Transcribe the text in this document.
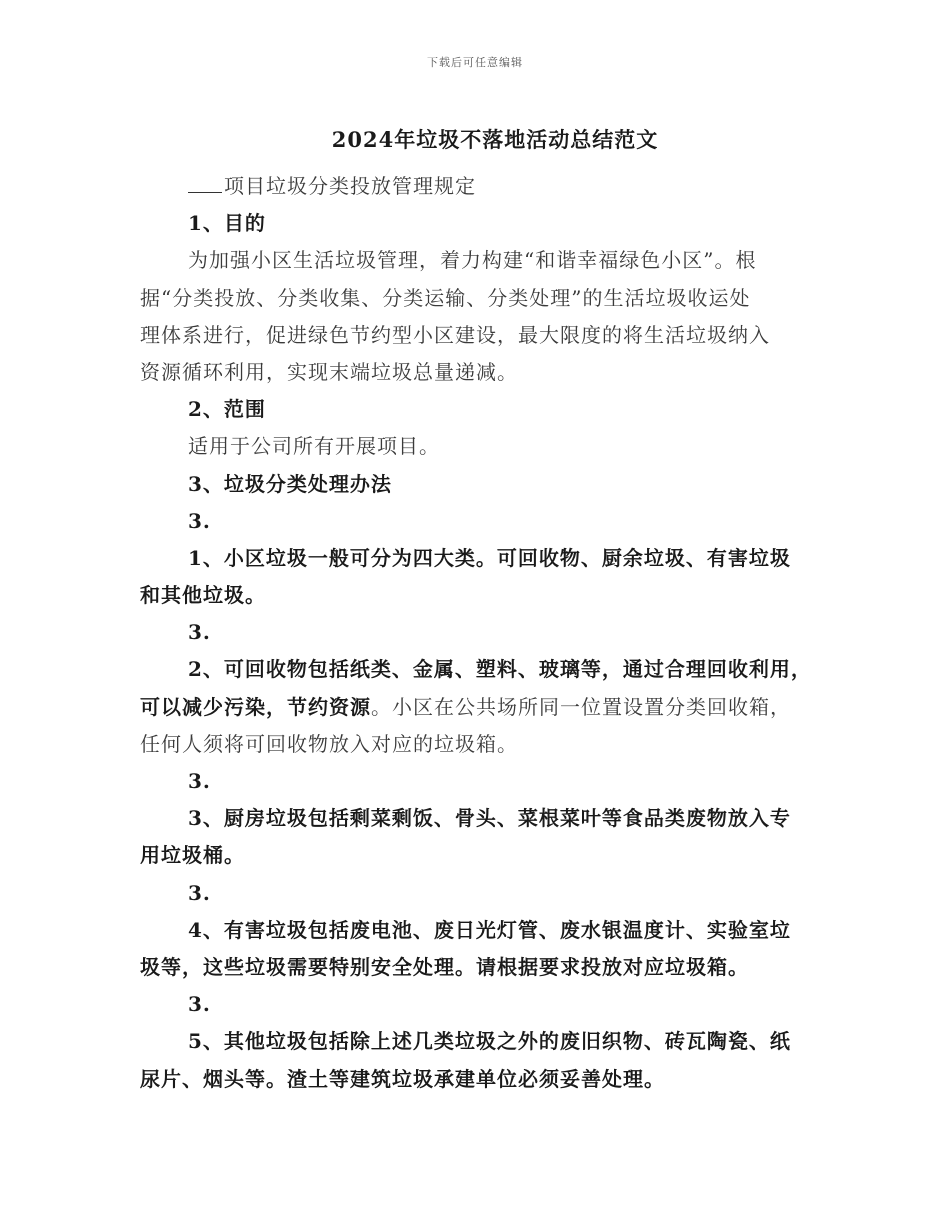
下载后可任意编辑
2024年垃圾不落地活动总结范文
项目垃圾分类投放管理规定
1、目的
为加强小区生活垃圾管理，着力构建“和谐幸福绿色小区”。根
据“分类投放、分类收集、分类运输、分类处理”的生活垃圾收运处
理体系进行，促进绿色节约型小区建设，最大限度的将生活垃圾纳入
资源循环利用，实现末端垃圾总量递减。
2、范围
适用于公司所有开展项目。
3、垃圾分类处理办法
3.
1、小区垃圾一般可分为四大类。可回收物、厨余垃圾、有害垃圾
和其他垃圾。
3.
2、可回收物包括纸类、金属、塑料、玻璃等，通过合理回收利用，
可以减少污染，节约资源。小区在公共场所同一位置设置分类回收箱，
任何人须将可回收物放入对应的垃圾箱。
3.
3、厨房垃圾包括剩菜剩饭、骨头、菜根菜叶等食品类废物放入专
用垃圾桶。
3.
4、有害垃圾包括废电池、废日光灯管、废水银温度计、实验室垃
圾等，这些垃圾需要特别安全处理。请根据要求投放对应垃圾箱。
3.
5、其他垃圾包括除上述几类垃圾之外的废旧织物、砖瓦陶瓷、纸
尿片、烟头等。渣土等建筑垃圾承建单位必须妥善处理。
